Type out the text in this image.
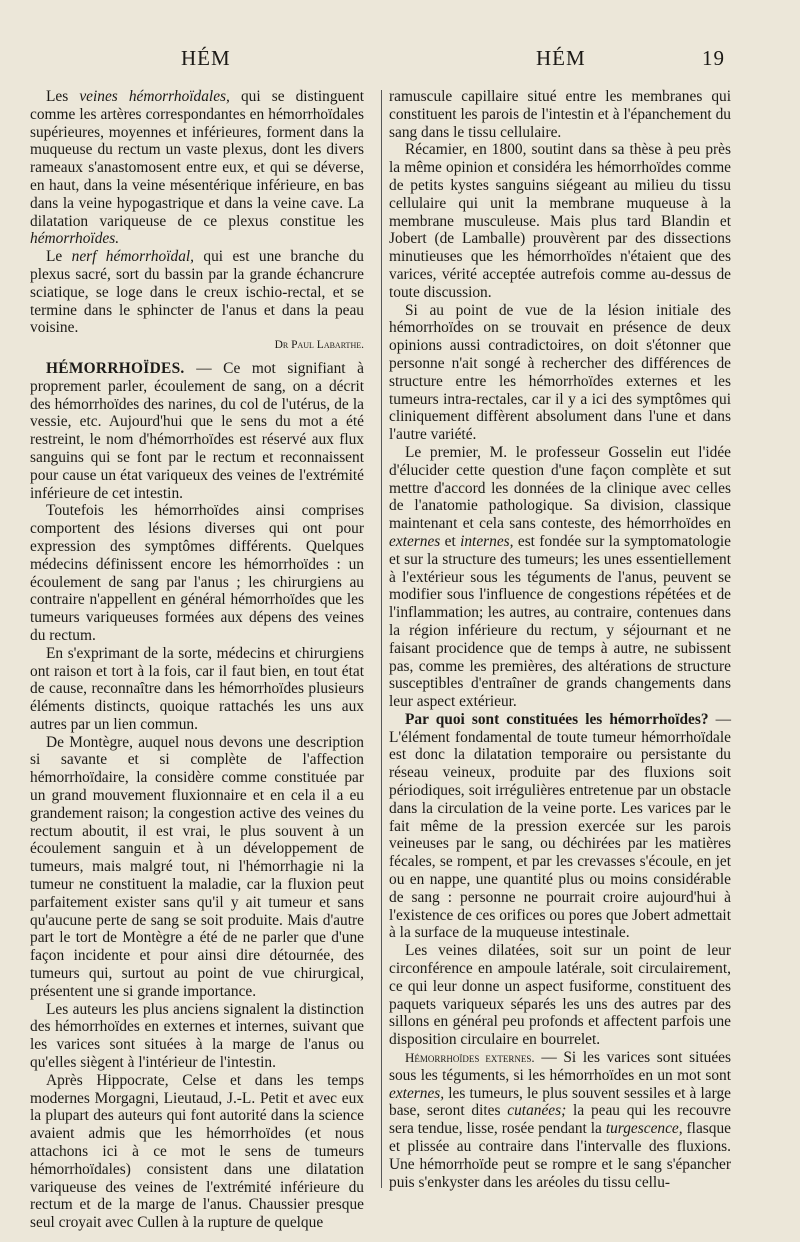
HÉM	HÉM	19

Les veines hémorrhoïdales, qui se distinguent comme les artères correspondantes en hémorrhoïdales supérieures, moyennes et inférieures, forment dans la muqueuse du rectum un vaste plexus, dont les divers rameaux s'anastomosent entre eux, et qui se déverse, en haut, dans la veine mésentérique inférieure, en bas dans la veine hypogastrique et dans la veine cave. La dilatation variqueuse de ce plexus constitue les hémorrhoïdes.

Le nerf hémorrhoïdal, qui est une branche du plexus sacré, sort du bassin par la grande échancrure sciatique, se loge dans le creux ischio-rectal, et se termine dans le sphincter de l'anus et dans la peau voisine.

Dr Paul Labarthe.

HÉMORRHOÏDES. — Ce mot signifiant à proprement parler, écoulement de sang, on a décrit des hémorrhoïdes des narines, du col de l'utérus, de la vessie, etc. Aujourd'hui que le sens du mot a été restreint, le nom d'hémorrhoïdes est réservé aux flux sanguins qui se font par le rectum et reconnaissent pour cause un état variqueux des veines de l'extrémité inférieure de cet intestin.

Toutefois les hémorrhoïdes ainsi comprises comportent des lésions diverses qui ont pour expression des symptômes différents. Quelques médecins définissent encore les hémorrhoïdes : un écoulement de sang par l'anus ; les chirurgiens au contraire n'appellent en général hémorrhoïdes que les tumeurs variqueuses formées aux dépens des veines du rectum.

En s'exprimant de la sorte, médecins et chirurgiens ont raison et tort à la fois, car il faut bien, en tout état de cause, reconnaître dans les hémorrhoïdes plusieurs éléments distincts, quoique rattachés les uns aux autres par un lien commun.

De Montègre, auquel nous devons une description si savante et si complète de l'affection hémorrhoïdaire, la considère comme constituée par un grand mouvement fluxionnaire et en cela il a eu grandement raison; la congestion active des veines du rectum aboutit, il est vrai, le plus souvent à un écoulement sanguin et à un développement de tumeurs, mais malgré tout, ni l'hémorrhagie ni la tumeur ne constituent la maladie, car la fluxion peut parfaitement exister sans qu'il y ait tumeur et sans qu'aucune perte de sang se soit produite. Mais d'autre part le tort de Montègre a été de ne parler que d'une façon incidente et pour ainsi dire détournée, des tumeurs qui, surtout au point de vue chirurgical, présentent une si grande importance.

Les auteurs les plus anciens signalent la distinction des hémorrhoïdes en externes et internes, suivant que les varices sont situées à la marge de l'anus ou qu'elles siègent à l'intérieur de l'intestin.

Après Hippocrate, Celse et dans les temps modernes Morgagni, Lieutaud, J.-L. Petit et avec eux la plupart des auteurs qui font autorité dans la science avaient admis que les hémorrhoïdes (et nous attachons ici à ce mot le sens de tumeurs hémorrhoïdales) consistent dans une dilatation variqueuse des veines de l'extrémité inférieure du rectum et de la marge de l'anus. Chaussier presque seul croyait avec Cullen à la rupture de quelque

ramuscule capillaire situé entre les membranes qui constituent les parois de l'intestin et à l'épanchement du sang dans le tissu cellulaire.

Récamier, en 1800, soutint dans sa thèse à peu près la même opinion et considéra les hémorrhoïdes comme de petits kystes sanguins siégeant au milieu du tissu cellulaire qui unit la membrane muqueuse à la membrane musculeuse. Mais plus tard Blandin et Jobert (de Lamballe) prouvèrent par des dissections minutieuses que les hémorrhoïdes n'étaient que des varices, vérité acceptée autrefois comme au-dessus de toute discussion.

Si au point de vue de la lésion initiale des hémorrhoïdes on se trouvait en présence de deux opinions aussi contradictoires, on doit s'étonner que personne n'ait songé à rechercher des différences de structure entre les hémorrhoïdes externes et les tumeurs intra-rectales, car il y a ici des symptômes qui cliniquement diffèrent absolument dans l'une et dans l'autre variété.

Le premier, M. le professeur Gosselin eut l'idée d'élucider cette question d'une façon complète et sut mettre d'accord les données de la clinique avec celles de l'anatomie pathologique. Sa division, classique maintenant et cela sans conteste, des hémorrhoïdes en externes et internes, est fondée sur la symptomatologie et sur la structure des tumeurs; les unes essentiellement à l'extérieur sous les téguments de l'anus, peuvent se modifier sous l'influence de congestions répétées et de l'inflammation; les autres, au contraire, contenues dans la région inférieure du rectum, y séjournant et ne faisant procidence que de temps à autre, ne subissent pas, comme les premières, des altérations de structure susceptibles d'entraîner de grands changements dans leur aspect extérieur.

Par quoi sont constituées les hémorrhoïdes? — L'élément fondamental de toute tumeur hémorrhoïdale est donc la dilatation temporaire ou persistante du réseau veineux, produite par des fluxions soit périodiques, soit irrégulières entretenue par un obstacle dans la circulation de la veine porte. Les varices par le fait même de la pression exercée sur les parois veineuses par le sang, ou déchirées par les matières fécales, se rompent, et par les crevasses s'écoule, en jet ou en nappe, une quantité plus ou moins considérable de sang : personne ne pourrait croire aujourd'hui à l'existence de ces orifices ou pores que Jobert admettait à la surface de la muqueuse intestinale.

Les veines dilatées, soit sur un point de leur circonférence en ampoule latérale, soit circulairement, ce qui leur donne un aspect fusiforme, constituent des paquets variqueux séparés les uns des autres par des sillons en général peu profonds et affectent parfois une disposition circulaire en bourrelet.

Hémorrhoïdes externes. — Si les varices sont situées sous les téguments, si les hémorrhoïdes en un mot sont externes, les tumeurs, le plus souvent sessiles et à large base, seront dites cutanées; la peau qui les recouvre sera tendue, lisse, rosée pendant la turgescence, flasque et plissée au contraire dans l'intervalle des fluxions. Une hémorrhoïde peut se rompre et le sang s'épancher puis s'enkyster dans les aréoles du tissu cellu-
